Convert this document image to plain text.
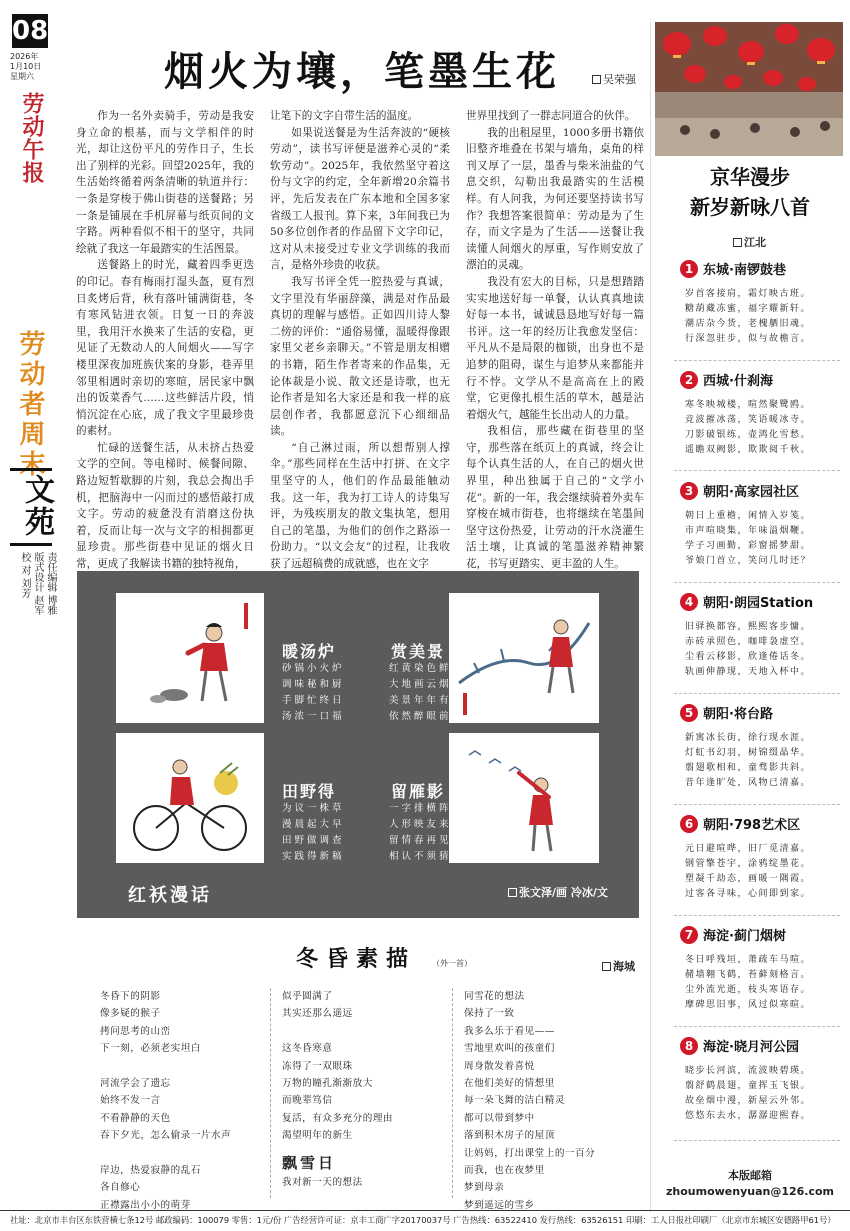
08
2026年
1月10日
星期六
劳动午报
劳动者周末
文苑
责任编辑 博雅
版式设计 赵军
校 对 刘芳
烟火为壤，笔墨生花	吴荣强

作为一名外卖骑手，劳动是我安身立命的根基，而与文学相伴的时光，却让这份平凡的劳作日子，生长出了别样的光彩。回望2025年，我的生活始终循着两条清晰的轨道并行：一条是穿梭于佛山街巷的送餐路；另一条是铺展在手机屏幕与纸页间的文字路。两种看似不相干的坚守，共同绘就了我这一年最踏实的生活图景。

送餐路上的时光，藏着四季更迭的印记。春有梅雨打湿头盔，夏有烈日炙烤后背，秋有落叶铺满街巷，冬有寒风钻进衣领。日复一日的奔波里，我用汗水换来了生活的安稳，更见证了无数动人的人间烟火——写字楼里深夜加班族伏案的身影，巷弄里邻里相遇时亲切的寒暄，居民家中飘出的饭菜香气……这些鲜活片段，悄悄沉淀在心底，成了我文字里最珍贵的素材。

忙碌的送餐生活，从未挤占热爱文学的空间。等电梯时、候餐间隙、路边短暂歇脚的片刻，我总会掏出手机，把脑海中一闪而过的感悟敲打成文字。劳动的疲惫没有消磨这份执着，反而让每一次与文字的相拥都更显珍贵。那些街巷中见证的烟火日常，更成了我解读书籍的独特视角，

让笔下的文字自带生活的温度。

如果说送餐是为生活奔波的“硬核劳动”，读书写评便是滋养心灵的“柔软劳动”。2025年，我依然坚守着这份与文字的约定，全年新增20余篇书评，先后发表在广东本地和全国多家省级工人报刊。算下来，3年间我已为50多位创作者的作品留下文字印记，这对从未接受过专业文学训练的我而言，是格外珍贵的收获。

我写书评全凭一腔热爱与真诚，文字里没有华丽辞藻，满是对作品最真切的理解与感悟。正如四川诗人黎二傍的评价：“通俗易懂，温暖得像跟家里父老乡亲聊天。”不管是朋友相赠的书籍，陌生作者寄来的作品集，无论体裁是小说、散文还是诗歌，也无论作者是知名大家还是和我一样的底层创作者，我都愿意沉下心细细品读。

“自己淋过雨，所以想帮别人撑伞。”那些同样在生活中打拼、在文字里坚守的人，他们的作品最能触动我。这一年，我为打工诗人的诗集写评，为残疾朋友的散文集执笔，想用自己的笔墨，为他们的创作之路添一份助力。“以文会友”的过程，让我收获了远超稿费的成就感，也在文字

世界里找到了一群志同道合的伙伴。

我的出租屋里，1000多册书籍依旧整齐堆叠在书架与墙角，桌角的样刊又厚了一层，墨香与柴米油盐的气息交织，勾勒出我最踏实的生活模样。有人问我，为何还要坚持读书写作？我想答案很简单：劳动是为了生存，而文字是为了生活——送餐让我读懂人间烟火的厚重，写作则安放了漂泊的灵魂。

我没有宏大的目标，只是想踏踏实实地送好每一单餐，认认真真地读好每一本书，诚诚恳恳地写好每一篇书评。这一年的经历让我愈发坚信：平凡从不是局限的枷锁，出身也不是追梦的阻碍，谋生与追梦从来都能并行不悖。文学从不是高高在上的殿堂，它更像扎根生活的草木，越是沾着烟火气，越能生长出动人的力量。

我相信，那些藏在街巷里的坚守，那些落在纸页上的真诚，终会让每个认真生活的人，在自己的烟火世界里，种出独属于自己的“文学小花”。新的一年，我会继续骑着外卖车穿梭在城市街巷，也将继续在笔墨间坚守这份热爱，让劳动的汗水浇灌生活土壤，让真诚的笔墨滋养精神繁花，书写更踏实、更丰盈的人生。

暖汤炉
砂锅小火炉
调味秘和厨
手脚忙终日
汤浓一口福
赏美景
红黄染色鲜
大地画云烟
美景年年有
依然醉眼前
田野得
为议一株草
漫晨起大早
田野做调查
实践得新稿
留雁影
一字排横阵
人形映友来
留情春再见
相认不须猜
红袄漫话	张文泽/画 冷冰/文
冬昏素描 （外一首）	海城
冬昏下的阴影
像多疑的猴子
拷问思考的山峦
下一刻，必须老实坦白

河流学会了遗忘
始终不发一言
不看静静的天色
吞下夕光，怎么偷录一片水声

岸边，热爱寂静的乱石
各自修心
正襟露出小小的萌芽
似乎圆满了
其实还那么遥远

这冬昏寒意
冻得了一双眼珠
万物的瞳孔渐渐放大
而晚辈笃信
复活，有众多充分的理由
渴望明年的新生
飘雪日
我对新一天的想法
同雪花的想法
保持了一致
我多么乐于看见——
雪地里欢叫的孩童们
周身散发着喜悦
在他们美好的情想里
每一朵飞舞的洁白精灵
都可以带到梦中
落到积木房子的屋顶
让妈妈，打出课堂上的一百分
而我，也在夜梦里
梦到母亲
梦到遥远的雪乡
京华漫步
新岁新咏八首
江北
1 东城·南锣鼓巷
岁首客接肩，霜灯映古班。
糖葫藏冻蜜，福字耀新轩。
潮店杂今货，老槐舾旧魂。
行深忽驻步，似与故檐言。
2 西城·什刹海
寒冬映城楼，喧然聚鹭鸥。
竞波摧冰荡，笑语暖冰寺。
刀影破银练，壶鸿化雪愁。
遥瞻双阙影，欺欺阅千秋。
3 朝阳·高家园社区
朝日上重檐，闲情入岁笺。
市声喧晓集，年味溢烟鞭。
学子习画勤，彩窗摇梦甜。
爷娘门首立，笑问几时还？
4 朝阳·朗园Station
旧驿换都容，熙熙客步慵。
赤砖承照色，咖啡袅虚空。
尘看云移影，欣逢倦话冬。
轨画伸静现，天地入杯中。
5 朝阳·将台路
新寓冰长街，徐行现水涯。
灯虹书幻羽，树锦缀晶华。
翦翅歌相和，童骛影共斜。
昔年逢旷处，风物已清嘉。
6 朝阳·798艺术区
元日避喧哗，旧厂觅清嘉。
钢管擎苍宇，涂鸦绽墨花。
塑凝千劫态，画暖一隅霞。
过客各寻味，心间即到家。
7 海淀·蓟门烟树
冬日呼残垣，萧疏车马喧。
赭墙翱飞鹤，苔藓刻格言。
尘外流光逝，枝头寒语存。
摩碑思旧事，风过似寒暄。
8 海淀·晓月河公园
晓步长河滨，流波映碧瑛。
翦舒鹤晨翅，童挥玉飞银。
故垒烟中漫，新屋云外邻。
悠悠东去水，潺潺迎熙春。
本版邮箱
zhoumowenyuan@126.com
社址：北京市丰台区东铁营横七条12号 邮政编码：100079 零售：1元/份 广告经营许可证：京丰工商广字20170037号 广告热线：63522410 发行热线：63526151 印刷：工人日报社印刷厂（北京市东城区安德路甲61号）
